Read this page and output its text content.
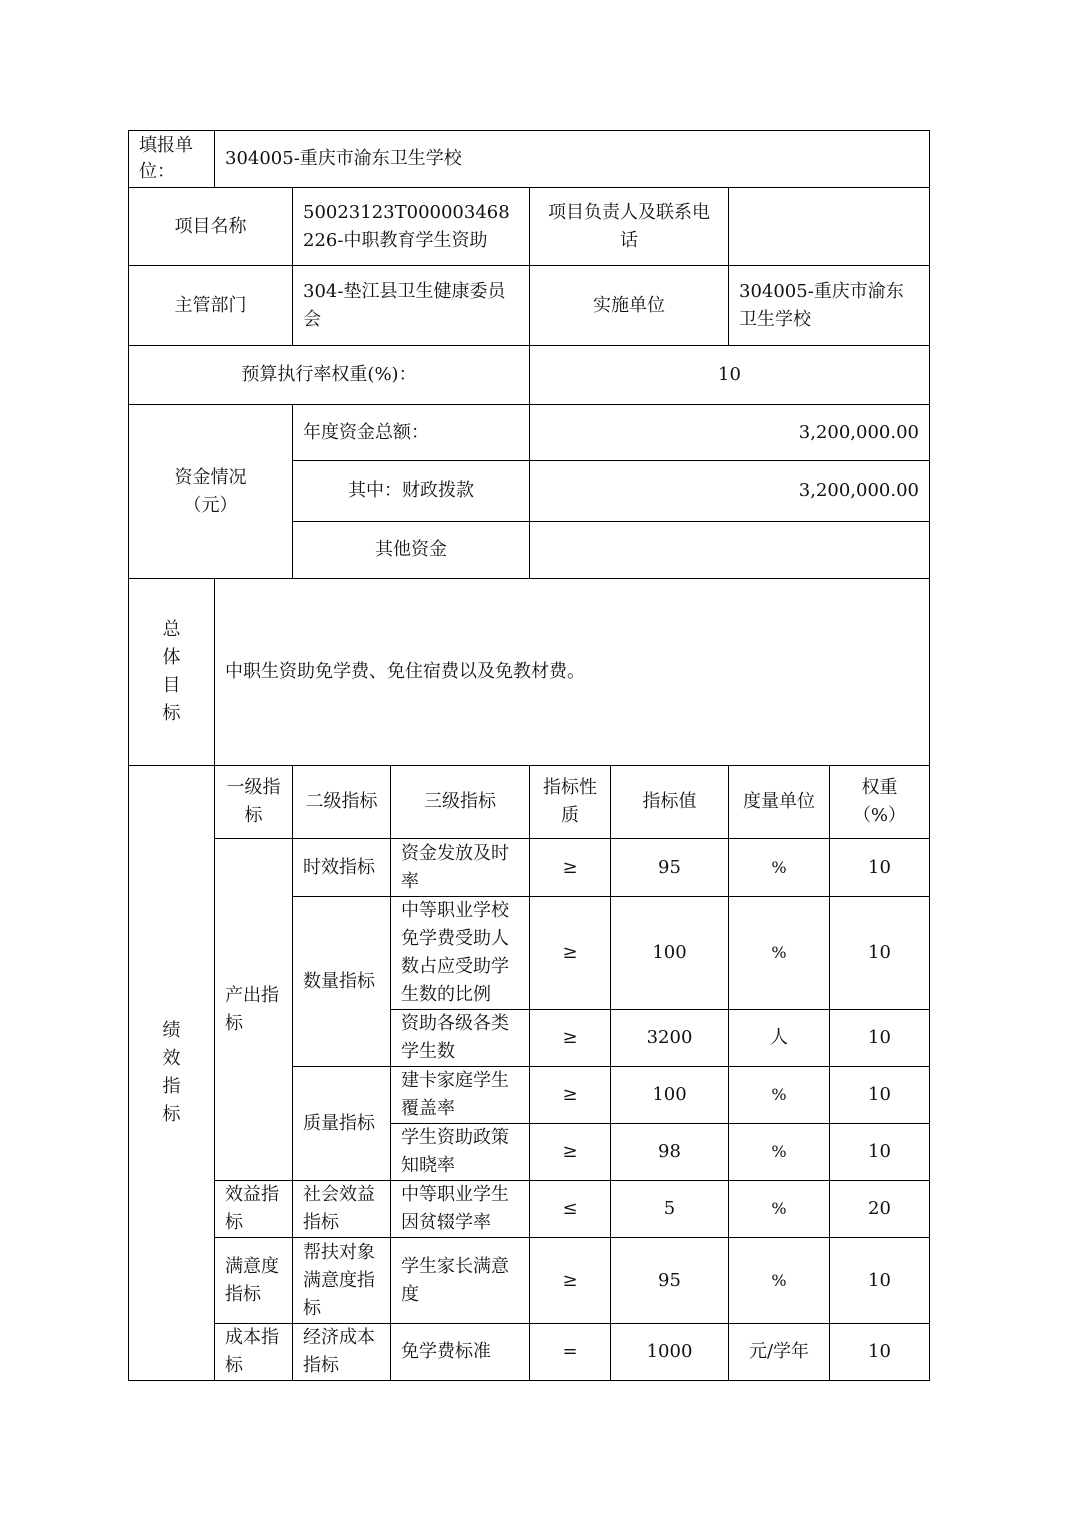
填报单位：	304005-重庆市渝东卫生学校						
项目名称		50023123T000003468226-中职教育学生资助		项目负责人及联系电话			
主管部门		304-垫江县卫生健康委员会		实施单位		304005-重庆市渝东卫生学校	
预算执行率权重(%)：				10			

资金情况（元）		年度资金总额：		3,200,000.00			
		其中：财政拨款		3,200,000.00			
		其他资金					

总体目标	中职生资助免学费、免住宿费以及免教材费。						

绩效指标	一级指标	二级指标	三级指标	指标性质	指标值	度量单位	权重（%）
	产出指标	时效指标	资金发放及时率	≥	95	%	10
		数量指标	中等职业学校免学费受助人数占应受助学生数的比例	≥	100	%	10
			资助各级各类学生数	≥	3200	人	10
		质量指标	建卡家庭学生覆盖率	≥	100	%	10
			学生资助政策知晓率	≥	98	%	10
	效益指标	社会效益指标	中等职业学生因贫辍学率	≤	5	%	20
	满意度指标	帮扶对象满意度指标	学生家长满意度	≥	95	%	10
	成本指标	经济成本指标	免学费标准	=	1000	元/学年	10
